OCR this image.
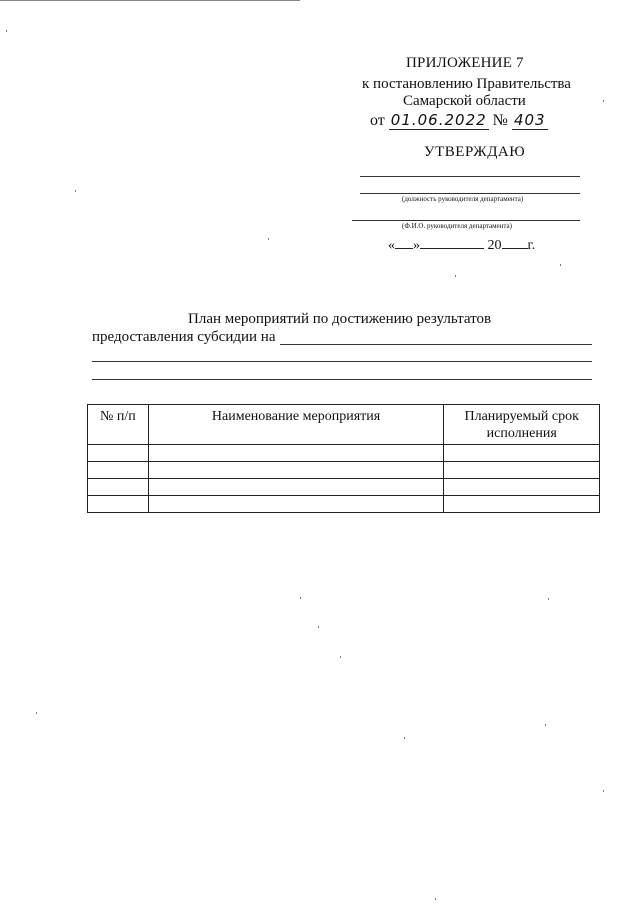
ПРИЛОЖЕНИЕ 7
к постановлению Правительства
Самарской области
от 01.06.2022 № 403
УТВЕРЖДАЮ
(должность руководителя департамента)
(Ф.И.О. руководителя департамента)
« »	20 г.
План мероприятий по достижению результатов
предоставления субсидии на
№ п/п	Наименование мероприятия	Планируемый срок исполнения
